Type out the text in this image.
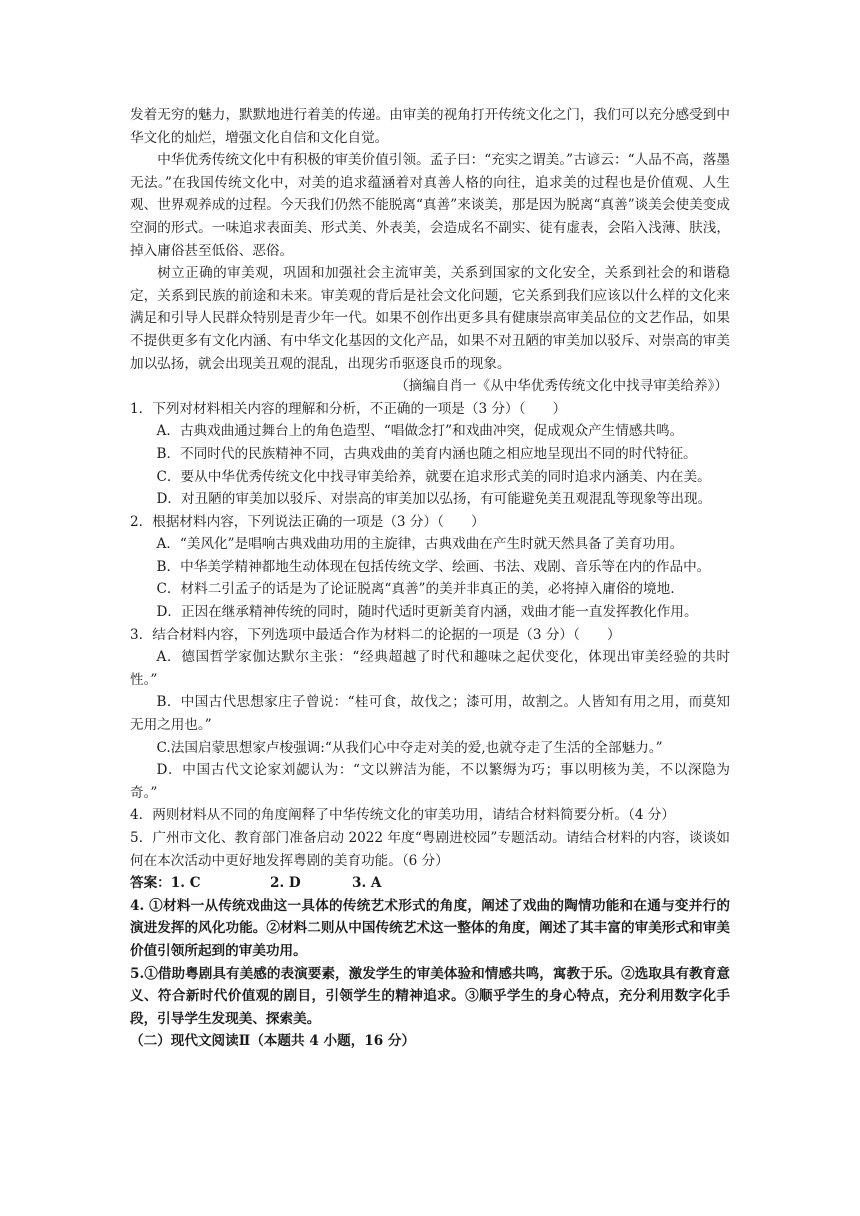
发着无穷的魅力，默默地进行着美的传递。由审美的视角打开传统文化之门，我们可以充分感受到中华文化的灿烂，增强文化自信和文化自觉。

中华优秀传统文化中有积极的审美价值引领。孟子曰：“充实之谓美。”古谚云：“人品不高，落墨无法。”在我国传统文化中，对美的追求蕴涵着对真善人格的向往，追求美的过程也是价值观、人生观、世界观养成的过程。今天我们仍然不能脱离“真善”来谈美，那是因为脱离“真善”谈美会使美变成空洞的形式。一味追求表面美、形式美、外表美，会造成名不副实、徒有虚表，会陷入浅薄、肤浅，掉入庸俗甚至低俗、恶俗。

树立正确的审美观，巩固和加强社会主流审美，关系到国家的文化安全，关系到社会的和谐稳定，关系到民族的前途和未来。审美观的背后是社会文化问题，它关系到我们应该以什么样的文化来满足和引导人民群众特别是青少年一代。如果不创作出更多具有健康崇高审美品位的文艺作品，如果不提供更多有文化内涵、有中华文化基因的文化产品，如果不对丑陋的审美加以驳斥、对崇高的审美加以弘扬，就会出现美丑观的混乱，出现劣币驱逐良币的现象。

（摘编自肖一《从中华优秀传统文化中找寻审美给养》）

1．下列对材料相关内容的理解和分析，不正确的一项是（3 分）（　　）

A．古典戏曲通过舞台上的角色造型、“唱做念打”和戏曲冲突，促成观众产生情感共鸣。

B．不同时代的民族精神不同，古典戏曲的美育内涵也随之相应地呈现出不同的时代特征。

C．要从中华优秀传统文化中找寻审美给养，就要在追求形式美的同时追求内涵美、内在美。

D．对丑陋的审美加以驳斥、对崇高的审美加以弘扬，有可能避免美丑观混乱等现象等出现。

2．根据材料内容，下列说法正确的一项是（3 分）（　　）

A．“美风化”是唱响古典戏曲功用的主旋律，古典戏曲在产生时就天然具备了美育功用。

B．中华美学精神都地生动体现在包括传统文学、绘画、书法、戏剧、音乐等在内的作品中。

C．材料二引孟子的话是为了论证脱离“真善”的美并非真正的美，必将掉入庸俗的境地.

D．正因在继承精神传统的同时，随时代适时更新美育内涵，戏曲才能一直发挥教化作用。

3．结合材料内容，下列选项中最适合作为材料二的论据的一项是（3 分）（　　）

A．德国哲学家伽达默尔主张：“经典超越了时代和趣味之起伏变化，体现出审美经验的共时性。”

B．中国古代思想家庄子曾说：“桂可食，故伐之；漆可用，故割之。人皆知有用之用，而莫知无用之用也。”

C.法国启蒙思想家卢梭强调:“从我们心中夺走对美的爱,也就夺走了生活的全部魅力。”

D．中国古代文论家刘勰认为：“文以辨洁为能，不以繁缛为巧；事以明核为美，不以深隐为奇。”

4．两则材料从不同的角度阐释了中华传统文化的审美功用，请结合材料简要分析。（4 分）

5．广州市文化、教育部门准备启动 2022 年度“粤剧进校园”专题活动。请结合材料的内容，谈谈如何在本次活动中更好地发挥粤剧的美育功能。（6 分）

答案：1. C	2. D	3. A

4. ①材料一从传统戏曲这一具体的传统艺术形式的角度，阐述了戏曲的陶情功能和在通与变并行的演进发挥的风化功能。②材料二则从中国传统艺术这一整体的角度，阐述了其丰富的审美形式和审美价值引领所起到的审美功用。

5.①借助粤剧具有美感的表演要素，激发学生的审美体验和情感共鸣，寓教于乐。②选取具有教育意义、符合新时代价值观的剧目，引领学生的精神追求。③顺乎学生的身心特点，充分利用数字化手段，引导学生发现美、探索美。

（二）现代文阅读Ⅱ（本题共 4 小题，16 分）
